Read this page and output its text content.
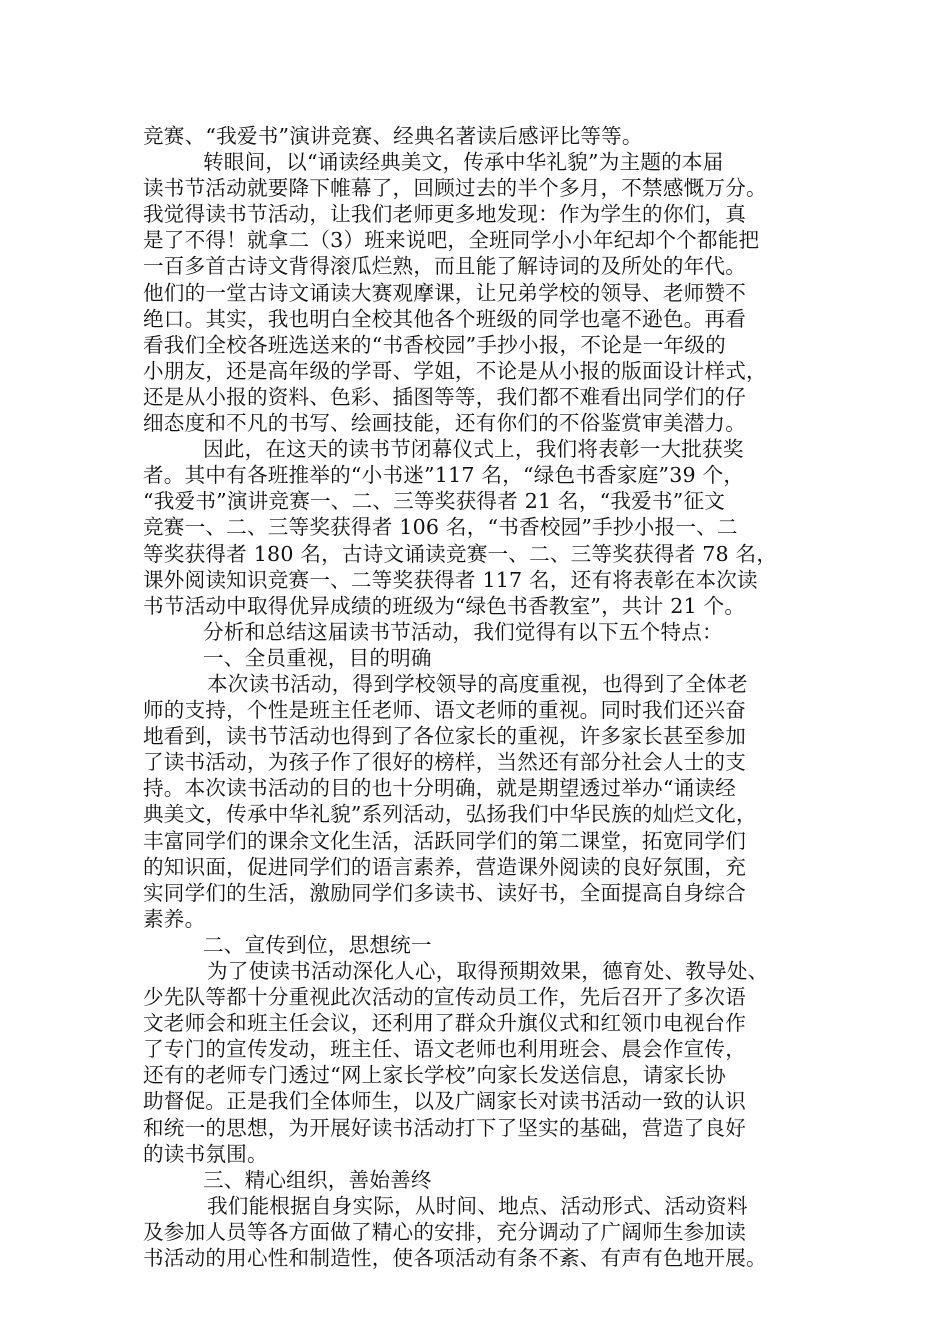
竞赛、“我爱书”演讲竞赛、经典名著读后感评比等等。
转眼间，以“诵读经典美文，传承中华礼貌”为主题的本届
读书节活动就要降下帷幕了，回顾过去的半个多月，不禁感慨万分。
我觉得读书节活动，让我们老师更多地发现：作为学生的你们，真
是了不得！就拿二（3）班来说吧，全班同学小小年纪却个个都能把
一百多首古诗文背得滚瓜烂熟，而且能了解诗词的及所处的年代。
他们的一堂古诗文诵读大赛观摩课，让兄弟学校的领导、老师赞不
绝口。其实，我也明白全校其他各个班级的同学也毫不逊色。再看
看我们全校各班选送来的“书香校园”手抄小报，不论是一年级的
小朋友，还是高年级的学哥、学姐，不论是从小报的版面设计样式，
还是从小报的资料、色彩、插图等等，我们都不难看出同学们的仔
细态度和不凡的书写、绘画技能，还有你们的不俗鉴赏审美潜力。
因此，在这天的读书节闭幕仪式上，我们将表彰一大批获奖
者。其中有各班推举的“小书迷”117 名，“绿色书香家庭”39 个，
“我爱书”演讲竞赛一、二、三等奖获得者 21 名，“我爱书”征文
竞赛一、二、三等奖获得者 106 名，“书香校园”手抄小报一、二
等奖获得者 180 名，古诗文诵读竞赛一、二、三等奖获得者 78 名，
课外阅读知识竞赛一、二等奖获得者 117 名，还有将表彰在本次读
书节活动中取得优异成绩的班级为“绿色书香教室”，共计 21 个。
分析和总结这届读书节活动，我们觉得有以下五个特点：
一、全员重视，目的明确
本次读书活动，得到学校领导的高度重视，也得到了全体老
师的支持，个性是班主任老师、语文老师的重视。同时我们还兴奋
地看到，读书节活动也得到了各位家长的重视，许多家长甚至参加
了读书活动，为孩子作了很好的榜样，当然还有部分社会人士的支
持。本次读书活动的目的也十分明确，就是期望透过举办“诵读经
典美文，传承中华礼貌”系列活动，弘扬我们中华民族的灿烂文化，
丰富同学们的课余文化生活，活跃同学们的第二课堂，拓宽同学们
的知识面，促进同学们的语言素养，营造课外阅读的良好氛围，充
实同学们的生活，激励同学们多读书、读好书，全面提高自身综合
素养。
二、宣传到位，思想统一
为了使读书活动深化人心，取得预期效果，德育处、教导处、
少先队等都十分重视此次活动的宣传动员工作，先后召开了多次语
文老师会和班主任会议，还利用了群众升旗仪式和红领巾电视台作
了专门的宣传发动，班主任、语文老师也利用班会、晨会作宣传，
还有的老师专门透过“网上家长学校”向家长发送信息，请家长协
助督促。正是我们全体师生，以及广阔家长对读书活动一致的认识
和统一的思想，为开展好读书活动打下了坚实的基础，营造了良好
的读书氛围。
三、精心组织，善始善终
我们能根据自身实际，从时间、地点、活动形式、活动资料
及参加人员等各方面做了精心的安排，充分调动了广阔师生参加读
书活动的用心性和制造性，使各项活动有条不紊、有声有色地开展。
